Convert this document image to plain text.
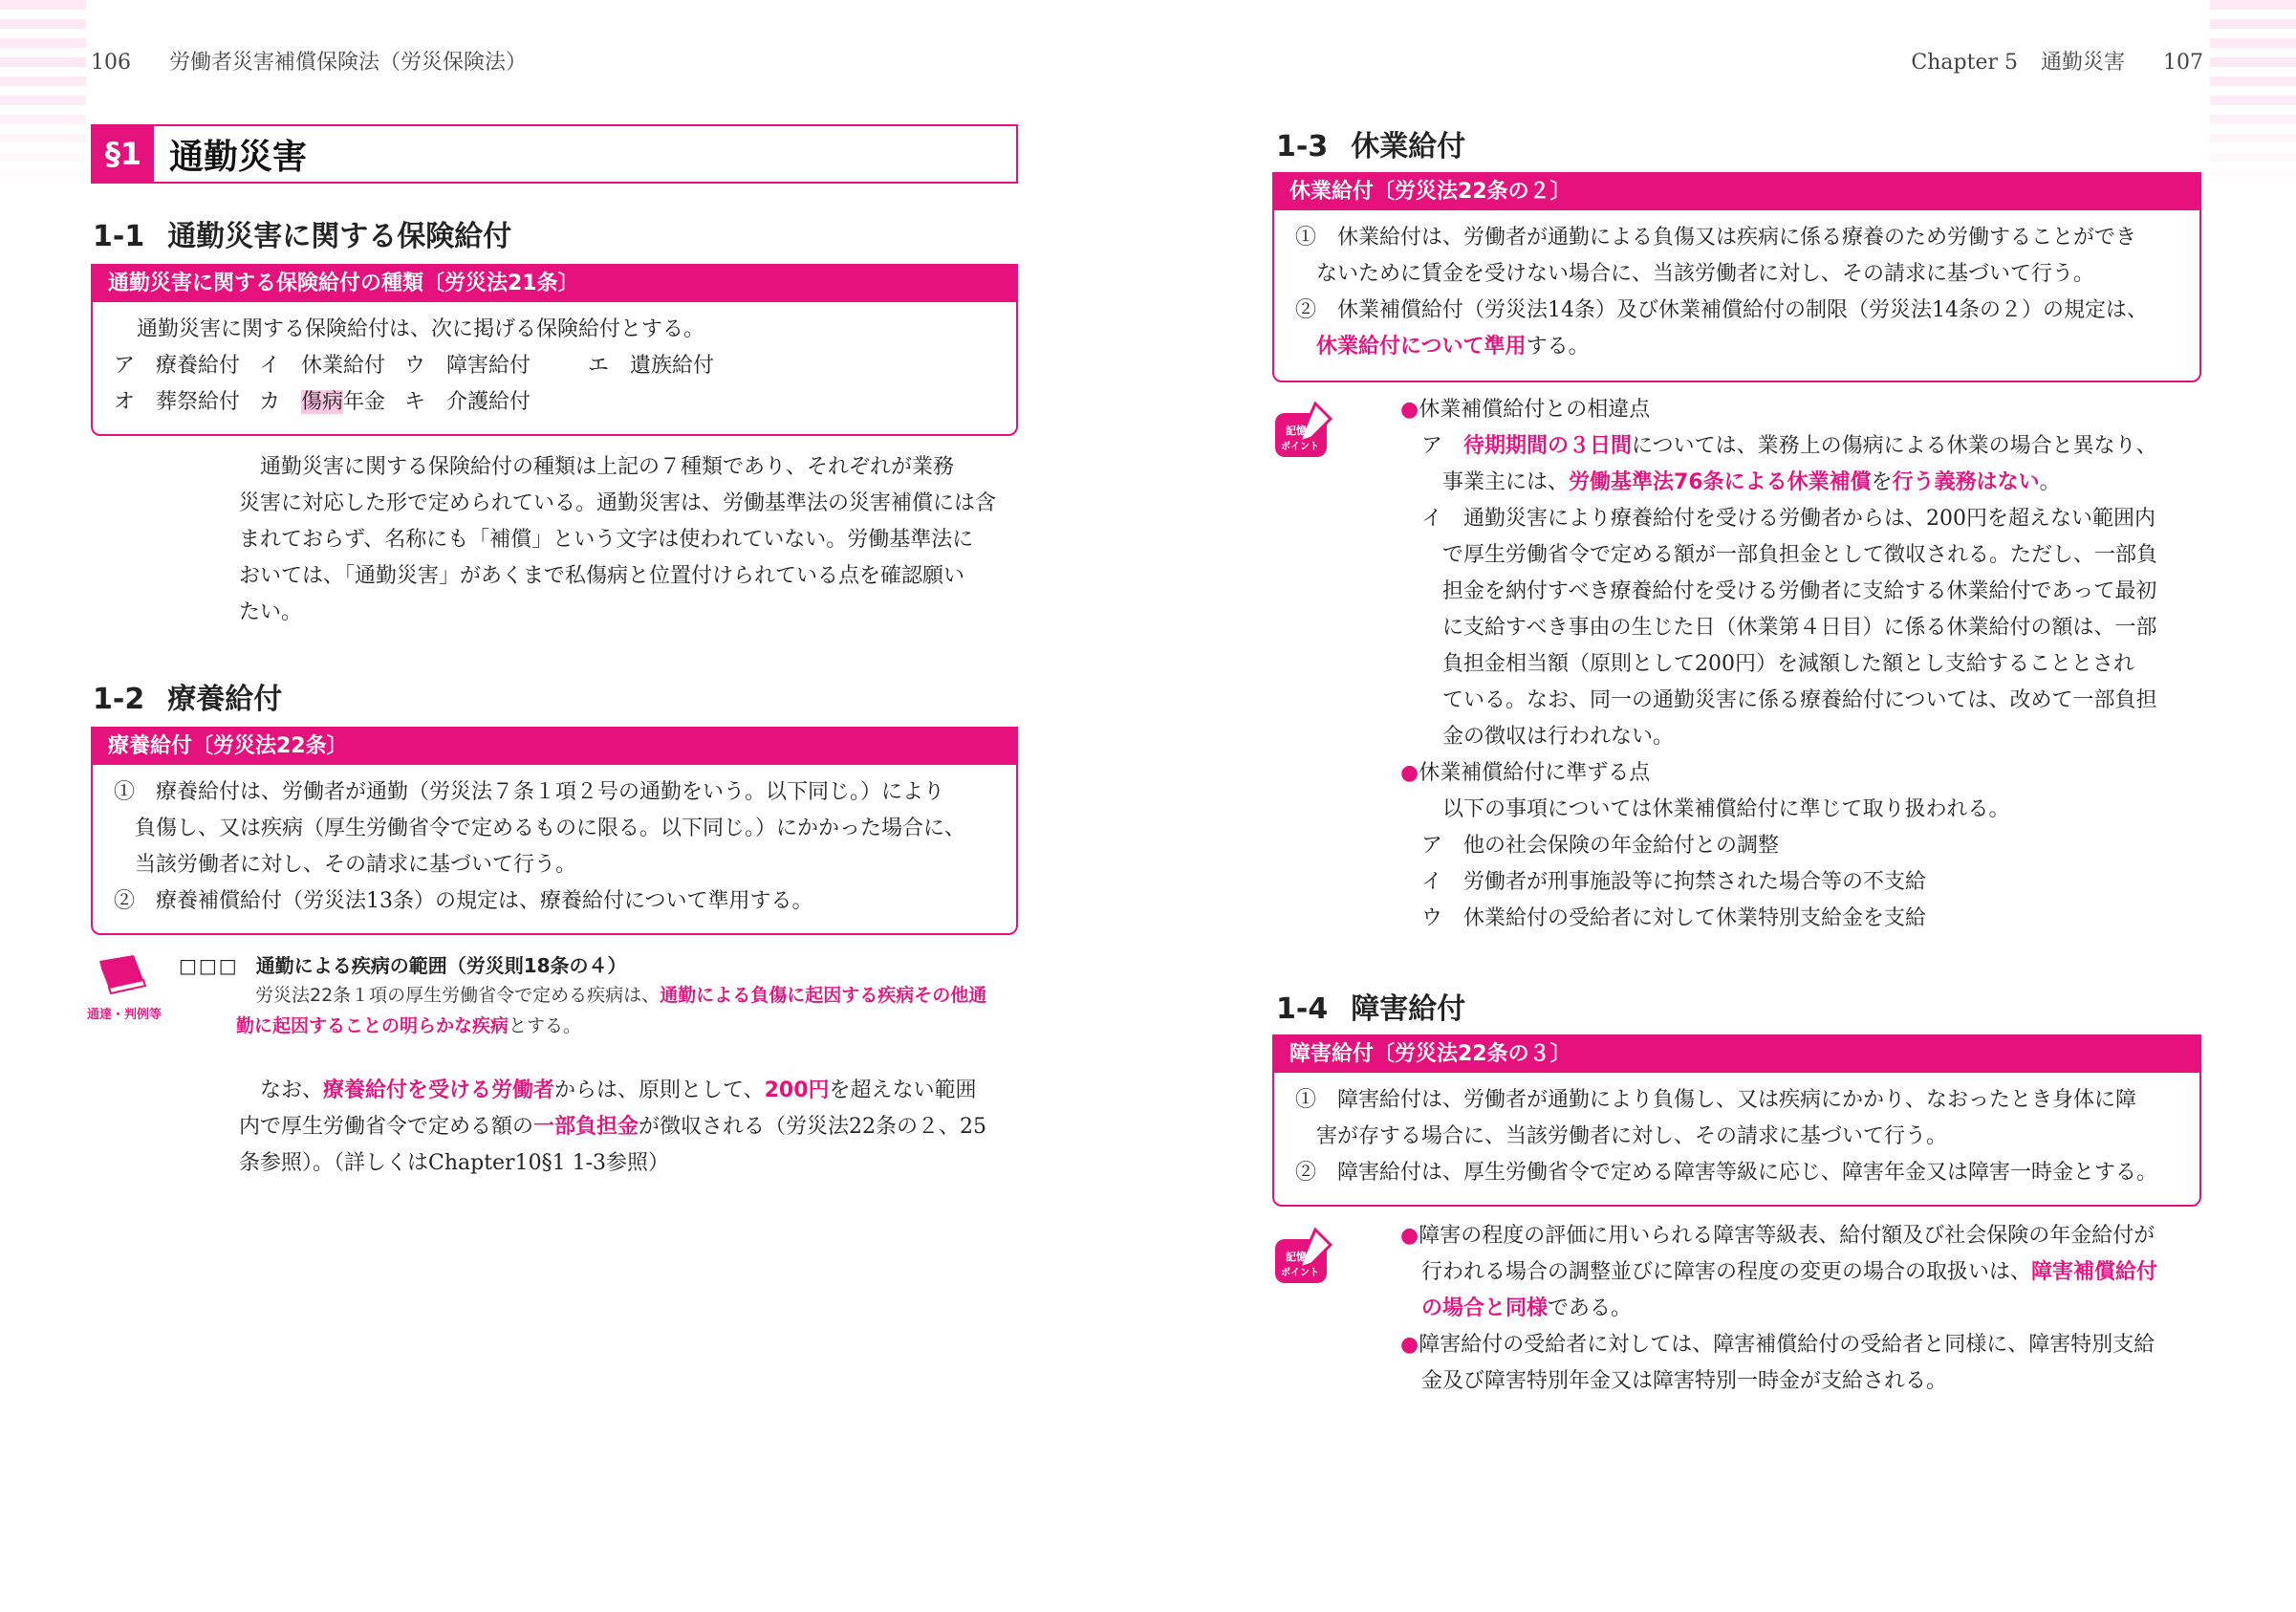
106 労働者災害補償保険法（労災保険法）
§1 通勤災害
1-1 通勤災害に関する保険給付
通勤災害に関する保険給付の種類〔労災法21条〕
通勤災害に関する保険給付は、次に掲げる保険給付とする。
ア　療養給付 イ　休業給付 ウ　障害給付	エ　遺族給付
オ　葬祭給付 カ　傷病年金 キ　介護給付
通勤災害に関する保険給付の種類は上記の７種類であり、それぞれが業務
災害に対応した形で定められている。通勤災害は、労働基準法の災害補償には含
まれておらず、名称にも「補償」という文字は使われていない。労働基準法に
おいては、「通勤災害」があくまで私傷病と位置付けられている点を確認願い
たい。
1-2 療養給付
療養給付〔労災法22条〕
①　療養給付は、労働者が通勤（労災法７条１項２号の通勤をいう。以下同じ。）により
負傷し、又は疾病（厚生労働省令で定めるものに限る。以下同じ。）にかかった場合に、
当該労働者に対し、その請求に基づいて行う。
②　療養補償給付（労災法13条）の規定は、療養給付について準用する。
通達・判例等
□□□ 通勤による疾病の範囲（労災則18条の４）
労災法22条１項の厚生労働省令で定める疾病は、通勤による負傷に起因する疾病その他通
勤に起因することの明らかな疾病とする。
なお、療養給付を受ける労働者からは、原則として、200円を超えない範囲
内で厚生労働省令で定める額の一部負担金が徴収される（労災法22条の２、25
条参照）。（詳しくはChapter10§1 1-3参照）
Chapter 5 通勤災害 107
1-3 休業給付
休業給付〔労災法22条の２〕
①　休業給付は、労働者が通勤による負傷又は疾病に係る療養のため労働することができ
ないために賃金を受けない場合に、当該労働者に対し、その請求に基づいて行う。
②　休業補償給付（労災法14条）及び休業補償給付の制限（労災法14条の２）の規定は、
休業給付について準用する。
記憶
ポイント
●休業補償給付との相違点
ア　待期期間の３日間については、業務上の傷病による休業の場合と異なり、
事業主には、労働基準法76条による休業補償を行う義務はない。
イ　通勤災害により療養給付を受ける労働者からは、200円を超えない範囲内
で厚生労働省令で定める額が一部負担金として徴収される。ただし、一部負
担金を納付すべき療養給付を受ける労働者に支給する休業給付であって最初
に支給すべき事由の生じた日（休業第４日目）に係る休業給付の額は、一部
負担金相当額（原則として200円）を減額した額とし支給することとされ
ている。なお、同一の通勤災害に係る療養給付については、改めて一部負担
金の徴収は行われない。
●休業補償給付に準ずる点
以下の事項については休業補償給付に準じて取り扱われる。
ア　他の社会保険の年金給付との調整
イ　労働者が刑事施設等に拘禁された場合等の不支給
ウ　休業給付の受給者に対して休業特別支給金を支給
1-4 障害給付
障害給付〔労災法22条の３〕
①　障害給付は、労働者が通勤により負傷し、又は疾病にかかり、なおったとき身体に障
害が存する場合に、当該労働者に対し、その請求に基づいて行う。
②　障害給付は、厚生労働省令で定める障害等級に応じ、障害年金又は障害一時金とする。
記憶
ポイント
●障害の程度の評価に用いられる障害等級表、給付額及び社会保険の年金給付が
行われる場合の調整並びに障害の程度の変更の場合の取扱いは、障害補償給付
の場合と同様である。
●障害給付の受給者に対しては、障害補償給付の受給者と同様に、障害特別支給
金及び障害特別年金又は障害特別一時金が支給される。
